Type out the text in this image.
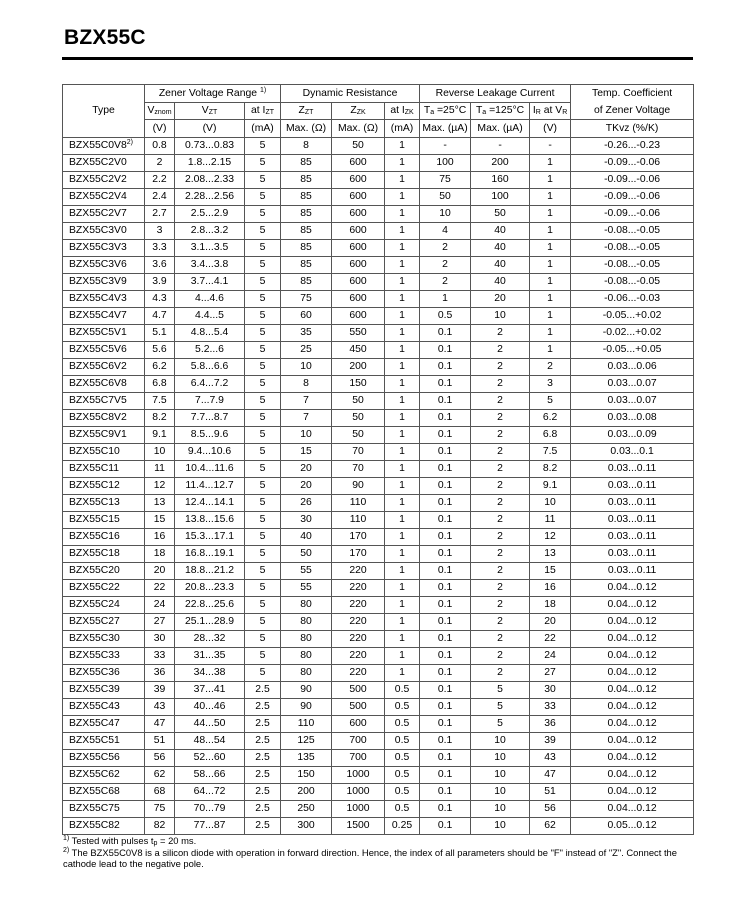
BZX55C
	Zener Voltage Range $^{1)}$			Dynamic Resistance			Reverse Leakage Current			Temp. Coefficient
Type	$V_{znom}$	$V_{ZT}$	at $I_{ZT}$	$Z_{ZT}$	$Z_{ZK}$	at $I_{ZK}$	$T_a =25^\circ C$	$T_a =125^\circ C$	$I_R$ at $V_R$	of Zener Voltage
	(V)	(V)	(mA)	Max. (Ω)	Max. (Ω)	(mA)	Max. (µA)	Max. (µA)	(V)	TKvz (%/K)
BZX55C0V8$^{2)}$	0.8	0.73...0.83	5	8	50	1	-	-	-	-0.26...-0.23
BZX55C2V0	2	1.8...2.15	5	85	600	1	100	200	1	-0.09...-0.06
BZX55C2V2	2.2	2.08...2.33	5	85	600	1	75	160	1	-0.09...-0.06
BZX55C2V4	2.4	2.28...2.56	5	85	600	1	50	100	1	-0.09...-0.06
BZX55C2V7	2.7	2.5...2.9	5	85	600	1	10	50	1	-0.09...-0.06
BZX55C3V0	3	2.8...3.2	5	85	600	1	4	40	1	-0.08...-0.05
BZX55C3V3	3.3	3.1...3.5	5	85	600	1	2	40	1	-0.08...-0.05
BZX55C3V6	3.6	3.4...3.8	5	85	600	1	2	40	1	-0.08...-0.05
BZX55C3V9	3.9	3.7...4.1	5	85	600	1	2	40	1	-0.08...-0.05
BZX55C4V3	4.3	4...4.6	5	75	600	1	1	20	1	-0.06...-0.03
BZX55C4V7	4.7	4.4...5	5	60	600	1	0.5	10	1	-0.05...+0.02
BZX55C5V1	5.1	4.8...5.4	5	35	550	1	0.1	2	1	-0.02...+0.02
BZX55C5V6	5.6	5.2...6	5	25	450	1	0.1	2	1	-0.05...+0.05
BZX55C6V2	6.2	5.8...6.6	5	10	200	1	0.1	2	2	0.03...0.06
BZX55C6V8	6.8	6.4...7.2	5	8	150	1	0.1	2	3	0.03...0.07
BZX55C7V5	7.5	7...7.9	5	7	50	1	0.1	2	5	0.03...0.07
BZX55C8V2	8.2	7.7...8.7	5	7	50	1	0.1	2	6.2	0.03...0.08
BZX55C9V1	9.1	8.5...9.6	5	10	50	1	0.1	2	6.8	0.03...0.09
BZX55C10	10	9.4...10.6	5	15	70	1	0.1	2	7.5	0.03...0.1
BZX55C11	11	10.4...11.6	5	20	70	1	0.1	2	8.2	0.03...0.11
BZX55C12	12	11.4...12.7	5	20	90	1	0.1	2	9.1	0.03...0.11
BZX55C13	13	12.4...14.1	5	26	110	1	0.1	2	10	0.03...0.11
BZX55C15	15	13.8...15.6	5	30	110	1	0.1	2	11	0.03...0.11
BZX55C16	16	15.3...17.1	5	40	170	1	0.1	2	12	0.03...0.11
BZX55C18	18	16.8...19.1	5	50	170	1	0.1	2	13	0.03...0.11
BZX55C20	20	18.8...21.2	5	55	220	1	0.1	2	15	0.03...0.11
BZX55C22	22	20.8...23.3	5	55	220	1	0.1	2	16	0.04...0.12
BZX55C24	24	22.8...25.6	5	80	220	1	0.1	2	18	0.04...0.12
BZX55C27	27	25.1...28.9	5	80	220	1	0.1	2	20	0.04...0.12
BZX55C30	30	28...32	5	80	220	1	0.1	2	22	0.04...0.12
BZX55C33	33	31...35	5	80	220	1	0.1	2	24	0.04...0.12
BZX55C36	36	34...38	5	80	220	1	0.1	2	27	0.04...0.12
BZX55C39	39	37...41	2.5	90	500	0.5	0.1	5	30	0.04...0.12
BZX55C43	43	40...46	2.5	90	500	0.5	0.1	5	33	0.04...0.12
BZX55C47	47	44...50	2.5	110	600	0.5	0.1	5	36	0.04...0.12
BZX55C51	51	48...54	2.5	125	700	0.5	0.1	10	39	0.04...0.12
BZX55C56	56	52...60	2.5	135	700	0.5	0.1	10	43	0.04...0.12
BZX55C62	62	58...66	2.5	150	1000	0.5	0.1	10	47	0.04...0.12
BZX55C68	68	64...72	2.5	200	1000	0.5	0.1	10	51	0.04...0.12
BZX55C75	75	70...79	2.5	250	1000	0.5	0.1	10	56	0.04...0.12
BZX55C82	82	77...87	2.5	300	1500	0.25	0.1	10	62	0.05...0.12

$^{1)}$ Tested with pulses $t_p = 20$ ms.

$^{2)}$ The BZX55C0V8 is a silicon diode with operation in forward direction. Hence, the index of all parameters should be "F" instead of "Z". Connect the cathode lead to the negative pole.
